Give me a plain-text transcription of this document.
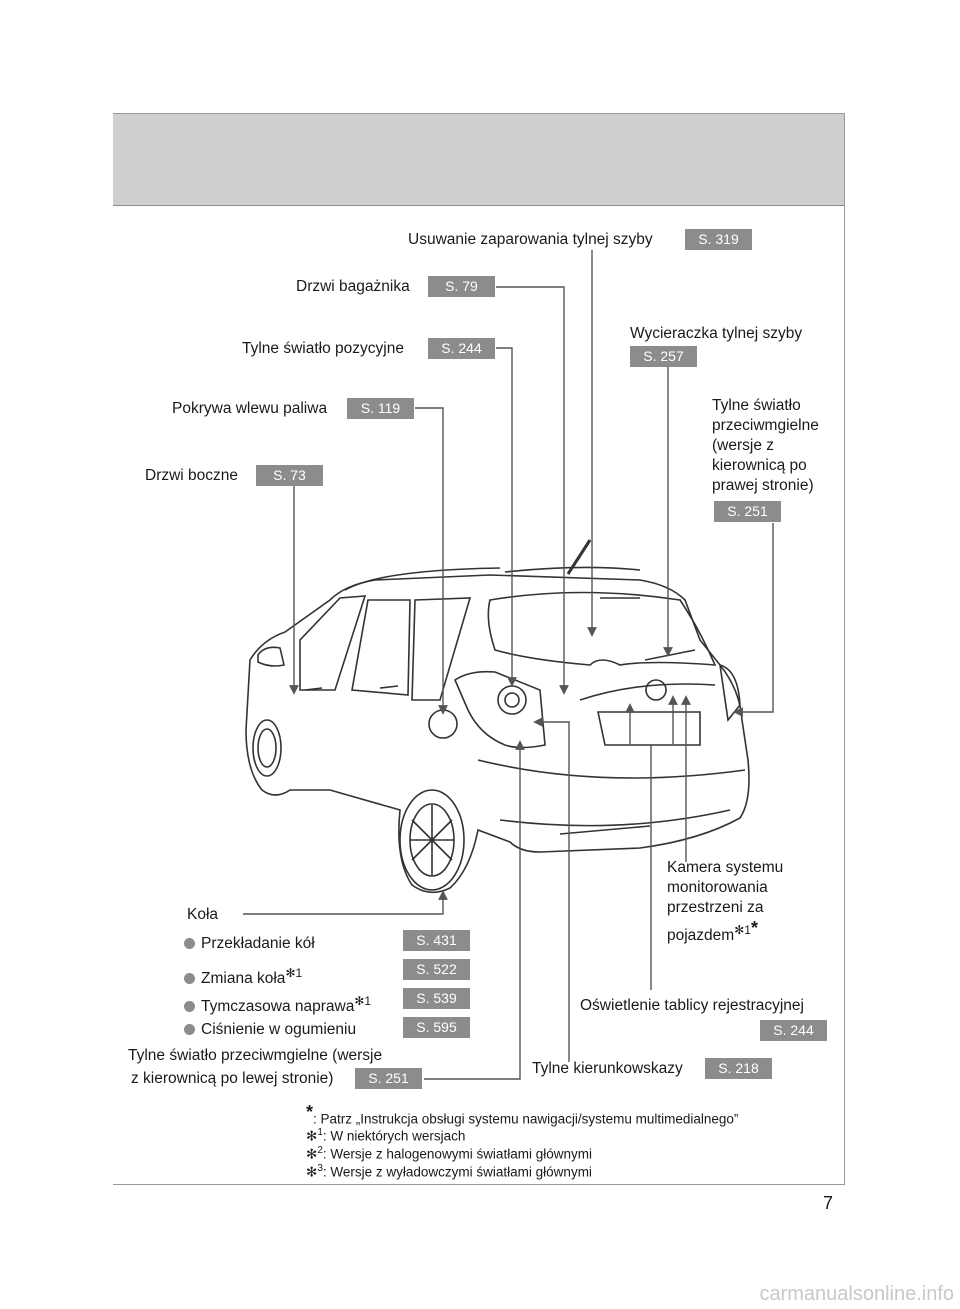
Usuwanie zaparowania tylnej szyby	S. 319
Drzwi bagażnika	S. 79
Tylne światło pozycyjne	S. 244
Pokrywa wlewu paliwa	S. 119
Drzwi boczne	S. 73
Wycieraczka tylnej szyby
S. 257
Tylne światło przeciwmgielne (wersje z kierownicą po prawej stronie)
S. 251
Kamera systemu monitorowania przestrzeni za pojazdem$^{✻1*}$
Oświetlenie tablicy rejestracyjnej
S. 244
Tylne kierunkowskazy	S. 218
Tylne światło przeciwmgielne (wersje
z kierownicą po lewej stronie)	S. 251
Koła
Przekładanie kół	S. 431
Zmiana koła$^{✻1}$	S. 522
Tymczasowa naprawa$^{✻1}$	S. 539
Ciśnienie w ogumieniu	S. 595
*: Patrz „Instrukcja obsługi systemu nawigacji/systemu multimedialnego”
✻$^1$: W niektórych wersjach
✻$^2$: Wersje z halogenowymi światłami głównymi
✻$^3$: Wersje z wyładowczymi światłami głównymi
7
carmanualsonline.info
